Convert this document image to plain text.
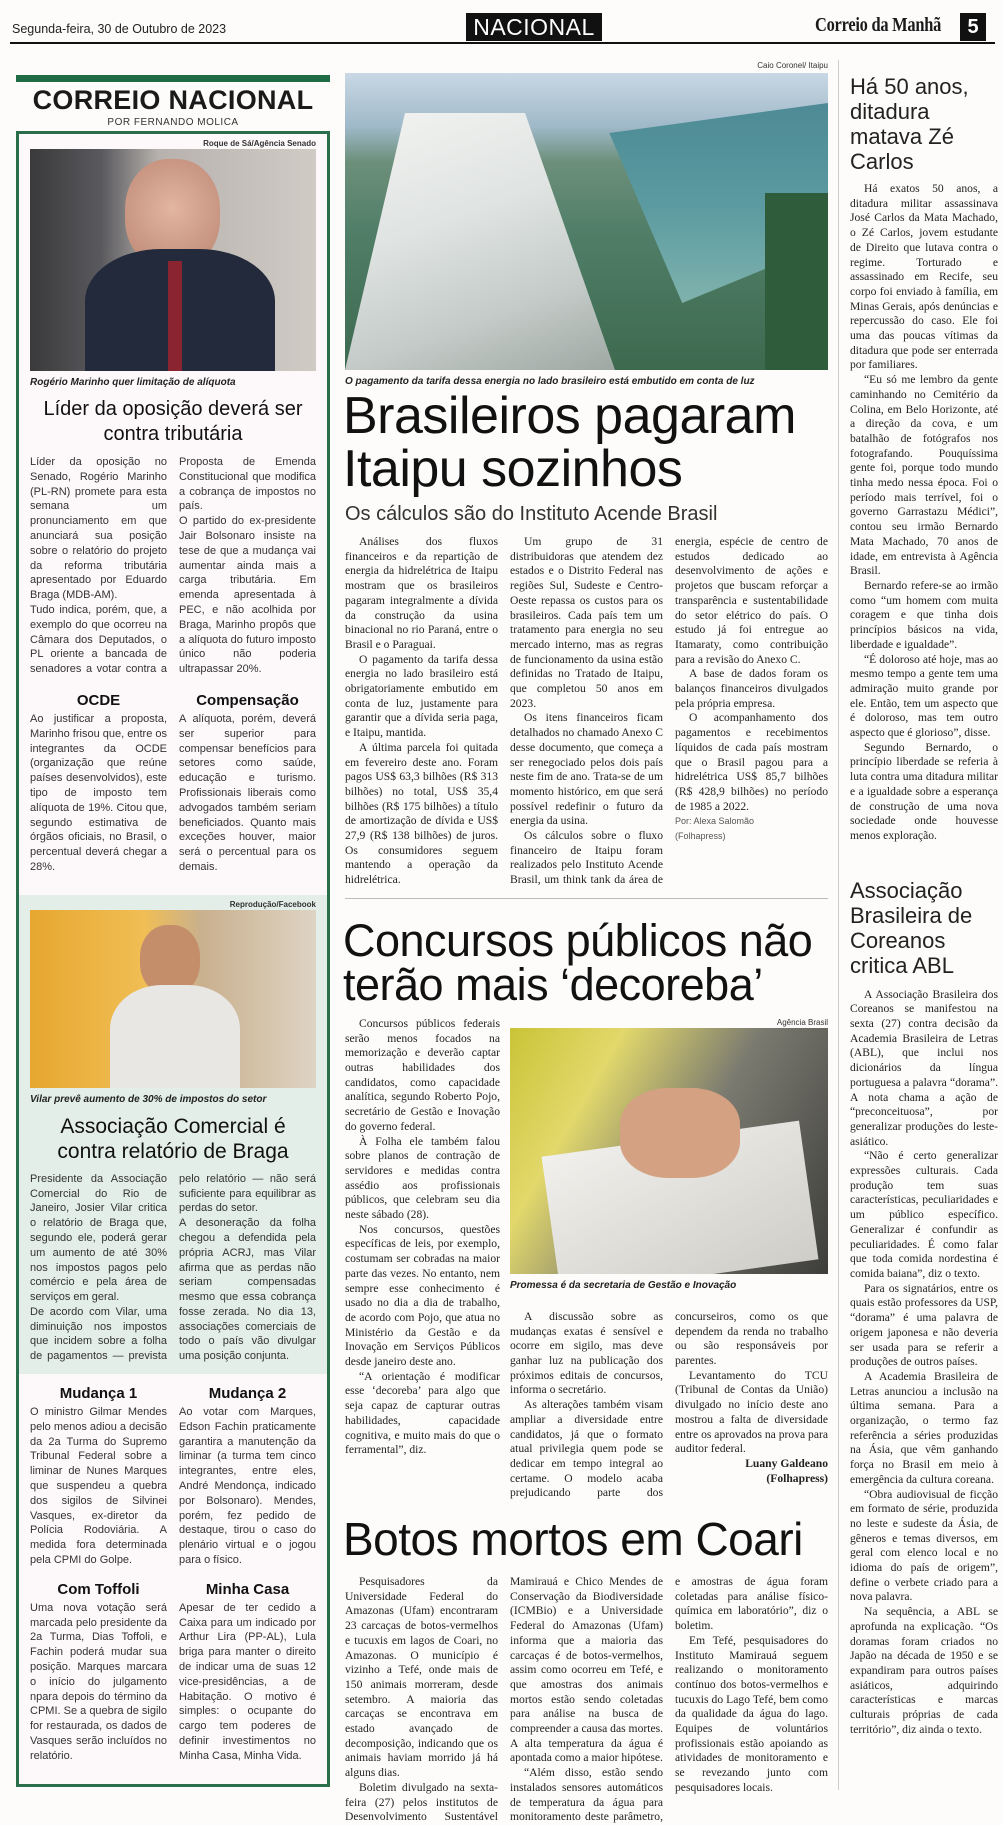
Segunda-feira, 30 de Outubro de 2023	NACIONAL	Correio da Manhã	5
CORREIO NACIONAL
POR FERNANDO MOLICA
Roque de Sá/Agência Senado
Rogério Marinho quer limitação de alíquota
Líder da oposição deverá ser contra tributária

Líder da oposição no Senado, Rogério Marinho (PL-RN) promete para esta semana um pronunciamento em que anunciará sua posição sobre o relatório do projeto da reforma tributária apresentado por Eduardo Braga (MDB-AM).

Tudo indica, porém, que, a exemplo do que ocorreu na Câmara dos Deputados, o PL oriente a bancada de senadores a votar contra a Proposta de Emenda Constitucional que modifica a cobrança de impostos no país.

O partido do ex-presidente Jair Bolsonaro insiste na tese de que a mudança vai aumentar ainda mais a carga tributária. Em emenda apresentada à PEC, e não acolhida por Braga, Marinho propôs que a alíquota do futuro imposto único não poderia ultrapassar 20%.

OCDE	Compensação
Ao justificar a proposta, Marinho frisou que, entre os integrantes da OCDE (organização que reúne países desenvolvidos), este tipo de imposto tem alíquota de 19%. Citou que, segundo estimativa de órgãos oficiais, no Brasil, o percentual deverá chegar a 28%.
A alíquota, porém, deverá ser superior para compensar benefícios para setores como saúde, educação e turismo. Profissionais liberais como advogados também seriam beneficiados. Quanto mais exceções houver, maior será o percentual para os demais.
Reprodução/Facebook
Vilar prevê aumento de 30% de impostos do setor
Associação Comercial é contra relatório de Braga

Presidente da Associação Comercial do Rio de Janeiro, Josier Vilar critica o relatório de Braga que, segundo ele, poderá gerar um aumento de até 30% nos impostos pagos pelo comércio e pela área de serviços em geral.

De acordo com Vilar, uma diminuição nos impostos que incidem sobre a folha de pagamentos — prevista pelo relatório — não será suficiente para equilibrar as perdas do setor.

A desoneração da folha chegou a defendida pela própria ACRJ, mas Vilar afirma que as perdas não seriam compensadas mesmo que essa cobrança fosse zerada. No dia 13, associações comerciais de todo o país vão divulgar uma posição conjunta.

Mudança 1	Mudança 2
O ministro Gilmar Mendes pelo menos adiou a decisão da 2a Turma do Supremo Tribunal Federal sobre a liminar de Nunes Marques que suspendeu a quebra dos sigilos de Silvinei Vasques, ex-diretor da Polícia Rodoviária. A medida fora determinada pela CPMI do Golpe.
Ao votar com Marques, Edson Fachin praticamente garantira a manutenção da liminar (a turma tem cinco integrantes, entre eles, André Mendonça, indicado por Bolsonaro). Mendes, porém, fez pedido de destaque, tirou o caso do plenário virtual e o jogou para o físico.
Com Toffoli	Minha Casa
Uma nova votação será marcada pelo presidente da 2a Turma, Dias Toffoli, e Fachin poderá mudar sua posição. Marques marcara o início do julgamento npara depois do término da CPMI. Se a quebra de sigilo for restaurada, os dados de Vasques serão incluídos no relatório.
Apesar de ter cedido a Caixa para um indicado por Arthur Lira (PP-AL), Lula briga para manter o direito de indicar uma de suas 12 vice-presidências, a de Habitação. O motivo é simples: o ocupante do cargo tem poderes de definir investimentos no Minha Casa, Minha Vida.
Caio Coronel/ Itaipu
O pagamento da tarifa dessa energia no lado brasileiro está embutido em conta de luz
Brasileiros pagaram Itaipu sozinhos
Os cálculos são do Instituto Acende Brasil

Análises dos fluxos financeiros e da repartição de energia da hidrelétrica de Itaipu mostram que os brasileiros pagaram integralmente a dívida da construção da usina binacional no rio Paraná, entre o Brasil e o Paraguai.

O pagamento da tarifa dessa energia no lado brasileiro está obrigatoriamente embutido em conta de luz, justamente para garantir que a dívida seria paga, e Itaipu, mantida.

A última parcela foi quitada em fevereiro deste ano. Foram pagos US$ 63,3 bilhões (R$ 313 bilhões) no total, US$ 35,4 bilhões (R$ 175 bilhões) a título de amortização de dívida e US$ 27,9 (R$ 138 bilhões) de juros. Os consumidores seguem mantendo a operação da hidrelétrica.

Um grupo de 31 distribuidoras que atendem dez estados e o Distrito Federal nas regiões Sul, Sudeste e Centro-Oeste repassa os custos para os brasileiros. Cada país tem um tratamento para energia no seu mercado interno, mas as regras de funcionamento da usina estão definidas no Tratado de Itaipu, que completou 50 anos em 2023.

Os itens financeiros ficam detalhados no chamado Anexo C desse documento, que começa a ser renegociado pelos dois país neste fim de ano. Trata-se de um momento histórico, em que será possível redefinir o futuro da energia da usina.

Os cálculos sobre o fluxo financeiro de Itaipu foram realizados pelo Instituto Acende Brasil, um think tank da área de energia, espécie de centro de estudos dedicado ao desenvolvimento de ações e projetos que buscam reforçar a transparência e sustentabilidade do setor elétrico do país. O estudo já foi entregue ao Itamaraty, como contribuição para a revisão do Anexo C.

A base de dados foram os balanços financeiros divulgados pela própria empresa.

O acompanhamento dos pagamentos e recebimentos líquidos de cada país mostram que o Brasil pagou para a hidrelétrica US$ 85,7 bilhões (R$ 428,9 bilhões) no período de 1985 a 2022.

Por: Alexa Salomão

(Folhapress)

Concursos públicos não terão mais ‘decoreba’

Concursos públicos federais serão menos focados na memorização e deverão captar outras habilidades dos candidatos, como capacidade analítica, segundo Roberto Pojo, secretário de Gestão e Inovação do governo federal.

À Folha ele também falou sobre planos de contração de servidores e medidas contra assédio aos profissionais públicos, que celebram seu dia neste sábado (28).

Nos concursos, questões específicas de leis, por exemplo, costumam ser cobradas na maior parte das vezes. No entanto, nem sempre esse conhecimento é usado no dia a dia de trabalho, de acordo com Pojo, que atua no Ministério da Gestão e da Inovação em Serviços Públicos desde janeiro deste ano.

“A orientação é modificar esse ‘decoreba’ para algo que seja capaz de capturar outras habilidades, capacidade cognitiva, e muito mais do que o ferramental”, diz.

Agência Brasil
Promessa é da secretaria de Gestão e Inovação

A discussão sobre as mudanças exatas é sensível e ocorre em sigilo, mas deve ganhar luz na publicação dos próximos editais de concursos, informa o secretário.

As alterações também visam ampliar a diversidade entre candidatos, já que o formato atual privilegia quem pode se dedicar em tempo integral ao certame. O modelo acaba prejudicando parte dos concurseiros, como os que dependem da renda no trabalho ou são responsáveis por parentes.

Levantamento do TCU (Tribunal de Contas da União) divulgado no início deste ano mostrou a falta de diversidade entre os aprovados na prova para auditor federal.

Luany Galdeano

(Folhapress)

Botos mortos em Coari

Pesquisadores da Universidade Federal do Amazonas (Ufam) encontraram 23 carcaças de botos-vermelhos e tucuxis em lagos de Coari, no Amazonas. O município é vizinho a Tefé, onde mais de 150 animais morreram, desde setembro. A maioria das carcaças se encontrava em estado avançado de decomposição, indicando que os animais haviam morrido já há alguns dias.

Boletim divulgado na sexta-feira (27) pelos institutos de Desenvolvimento Sustentável Mamirauá e Chico Mendes de Conservação da Biodiversidade (ICMBio) e a Universidade Federal do Amazonas (Ufam) informa que a maioria das carcaças é de botos-vermelhos, assim como ocorreu em Tefé, e que amostras dos animais mortos estão sendo coletadas para análise na busca de compreender a causa das mortes. A alta temperatura da água é apontada como a maior hipótese.

“Além disso, estão sendo instalados sensores automáticos de temperatura da água para monitoramento deste parâmetro, e amostras de água foram coletadas para análise físico-química em laboratório”, diz o boletim.

Em Tefé, pesquisadores do Instituto Mamirauá seguem realizando o monitoramento contínuo dos botos-vermelhos e tucuxis do Lago Tefé, bem como da qualidade da água do lago. Equipes de voluntários profissionais estão apoiando as atividades de monitoramento e se revezando junto com pesquisadores locais.

Há 50 anos, ditadura matava Zé Carlos

Há exatos 50 anos, a ditadura militar assassinava José Carlos da Mata Machado, o Zé Carlos, jovem estudante de Direito que lutava contra o regime. Torturado e assassinado em Recife, seu corpo foi enviado à família, em Minas Gerais, após denúncias e repercussão do caso. Ele foi uma das poucas vítimas da ditadura que pode ser enterrada por familiares.

“Eu só me lembro da gente caminhando no Cemitério da Colina, em Belo Horizonte, até a direção da cova, e um batalhão de fotógrafos nos fotografando. Pouquíssima gente foi, porque todo mundo tinha medo nessa época. Foi o período mais terrível, foi o governo Garrastazu Médici”, contou seu irmão Bernardo Mata Machado, 70 anos de idade, em entrevista à Agência Brasil.

Bernardo refere-se ao irmão como “um homem com muita coragem e que tinha dois princípios básicos na vida, liberdade e igualdade”.

“É doloroso até hoje, mas ao mesmo tempo a gente tem uma admiração muito grande por ele. Então, tem um aspecto que é doloroso, mas tem outro aspecto que é glorioso”, disse.

Segundo Bernardo, o princípio liberdade se referia à luta contra uma ditadura militar e a igualdade sobre a esperança de construção de uma nova sociedade onde houvesse menos exploração.

Associação Brasileira de Coreanos critica ABL

A Associação Brasileira dos Coreanos se manifestou na sexta (27) contra decisão da Academia Brasileira de Letras (ABL), que inclui nos dicionários da língua portuguesa a palavra “dorama”. A nota chama a ação de “preconceituosa”, por generalizar produções do leste-asiático.

“Não é certo generalizar expressões culturais. Cada produção tem suas características, peculiaridades e um público específico. Generalizar é confundir as peculiaridades. É como falar que toda comida nordestina é comida baiana”, diz o texto.

Para os signatários, entre os quais estão professores da USP, “dorama” é uma palavra de origem japonesa e não deveria ser usada para se referir a produções de outros países.

A Academia Brasileira de Letras anunciou a inclusão na última semana. Para a organização, o termo faz referência a séries produzidas na Ásia, que vêm ganhando força no Brasil em meio à emergência da cultura coreana.

“Obra audiovisual de ficção em formato de série, produzida no leste e sudeste da Ásia, de gêneros e temas diversos, em geral com elenco local e no idioma do país de origem”, define o verbete criado para a nova palavra.

Na sequência, a ABL se aprofunda na explicação. “Os doramas foram criados no Japão na década de 1950 e se expandiram para outros países asiáticos, adquirindo características e marcas culturais próprias de cada território”, diz ainda o texto.
